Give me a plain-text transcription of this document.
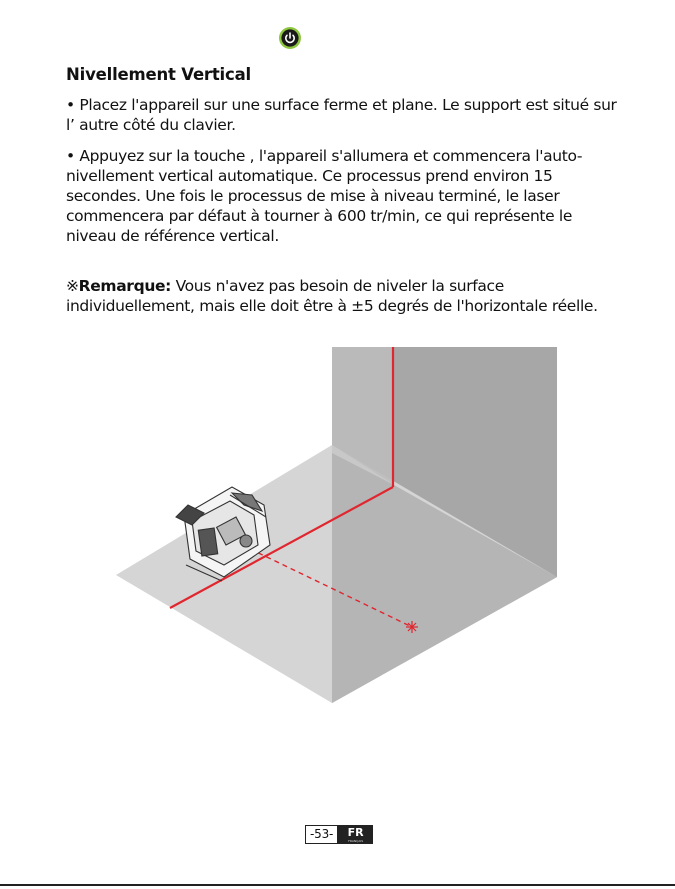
Nivellement Vertical

• Placez l'appareil sur une surface ferme et plane. Le support est situé sur l’ autre côté du clavier.

• Appuyez sur la touche , l'appareil s'allumera et commencera l'auto-nivellement vertical automatique. Ce processus prend environ 15 secondes. Une fois le processus de mise à niveau terminé, le laser commencera par défaut à tourner à 600 tr/min, ce qui représente le niveau de référence vertical.

※Remarque: Vous n'avez pas besoin de niveler la surface individuellement, mais elle doit être à ±5 degrés de l'horizontale réelle.

-53-	FR
FRANÇAIS
